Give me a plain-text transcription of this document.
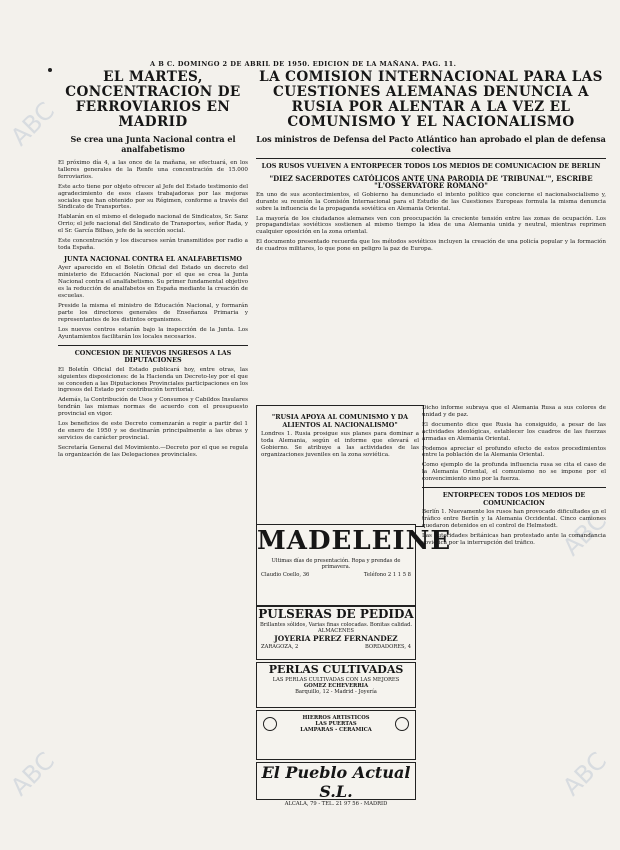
A B C. DOMINGO 2 DE ABRIL DE 1950. EDICION DE LA MAÑANA. PAG. 11.
ABC
ABC
ABC
ABC
EL MARTES, CONCENTRACION DE FERROVIARIOS EN MADRID
Se crea una Junta Nacional contra el analfabetismo

El próximo día 4, a las once de la mañana, se efectuará, en los talleres generales de la Renfe una concentración de 15.000 ferroviarios.

Este acto tiene por objeto ofrecer al Jefe del Estado testimonio del agradecimiento de esos clases trabajadoras por las mejoras sociales que han obtenido por su Régimen, conforme a través del Sindicato de Transportes.

Hablarán en el mismo el delegado nacional de Sindicatos, Sr. Sanz Orrio; el jefe nacional del Sindicato de Transportes, señor Rada, y el Sr. García Bilbao, jefe de la sección social.

Este concentración y los discursos serán transmitidos por radio a toda España.

JUNTA NACIONAL CONTRA EL ANALFABETISMO

Ayer aparecido en el Boletín Oficial del Estado un decreto del ministerio de Educación Nacional por el que se crea la Junta Nacional contra el analfabetismo. Su primer fundamental objetivo es la reducción de analfabetos en España mediante la creación de escuelas.

Preside la misma el ministro de Educación Nacional, y formarán parte los directores generales de Enseñanza Primaria y representantes de los distintos organismos.

Los nuevos centros estarán bajo la inspección de la Junta. Los Ayuntamientos facilitarán los locales necesarios.

CONCESION DE NUEVOS INGRESOS A LAS DIPUTACIONES

El Boletín Oficial del Estado publicará hoy, entre otras, las siguientes disposiciones: de la Hacienda un Decreto-ley por el que se conceden a las Diputaciones Provinciales participaciones en los ingresos del Estado por contribución territorial.

Además, la Contribución de Usos y Consumos y Cabildos Insulares tendrán las mismas normas de acuerdo con el presupuesto provincial en vigor.

Los beneficios de este Decreto comenzarán a regir a partir del 1 de enero de 1950 y se destinarán principalmente a las obras y servicios de carácter provincial.

Secretaría General del Movimiento.—Decreto por el que se regula la organización de las Delegaciones provinciales.

LA COMISION INTERNACIONAL PARA LAS CUESTIONES ALEMANAS DENUNCIA A RUSIA POR ALENTAR A LA VEZ EL COMUNISMO Y EL NACIONALISMO
Los ministros de Defensa del Pacto Atlántico han aprobado el plan de defensa colectiva
LOS RUSOS VUELVEN A ENTORPECER TODOS LOS MEDIOS DE COMUNICACION DE BERLIN
"DIEZ SACERDOTES CATÓLICOS ANTE UNA PARODIA DE 'TRIBUNAL'", ESCRIBE "L'OSSERVATORE ROMANO"

En uno de sus acontecimientos, el Gobierno ha denunciado el intento político que concierne el nacionalsocialismo y, durante su reunión la Comisión Internacional para el Estudio de las Cuestiones Europeas formula la misma denuncia sobre la influencia de la propaganda soviética en Alemania Oriental.

La mayoría de los ciudadanos alemanes ven con preocupación la creciente tensión entre las zonas de ocupación. Los propagandistas soviéticos sostienen al mismo tiempo la idea de una Alemania unida y neutral, mientras reprimen cualquier oposición en la zona oriental.

El documento presentado recuerda que los métodos soviéticos incluyen la creación de una policía popular y la formación de cuadros militares, lo que pone en peligro la paz de Europa.

"RUSIA APOYA AL COMUNISMO Y DA ALIENTOS AL NACIONALISMO"

Londres 1. Rusia prosigue sus planes para dominar a toda Alemania, según el informe que elevará el Gobierno. Se atribuye a las actividades de las organizaciones juveniles en la zona soviética.

Dicho informe subraya que el Alemania Rusa a sus colores de unidad y de paz.

El documento dice que Rusia ha consiguido, a pesar de las actividades ideológicas, establecer los cuadros de las fuerzas armadas en Alemania Oriental.

Podemos apreciar el profundo efecto de estos procedimientos entre la población de la Alemania Oriental.

Como ejemplo de la profunda influencia rusa se cita el caso de la Alemania Oriental, el comunismo no se impone por el convencimiento sino por la fuerza.

ENTORPECEN TODOS LOS MEDIOS DE COMUNICACION

Berlín 1. Nuevamente los rusos han provocado dificultades en el tráfico entre Berlín y la Alemania Occidental. Cinco camiones quedaron detenidos en el control de Helmstedt.

Las autoridades británicas han protestado ante la comandancia soviética por la interrupción del tráfico.

MADELEINE
Ultimas días de presentación. Ropa y prendas de primavera.
Claudio Coello, 36	Teléfono 2 1 1 5 8
PULSERAS DE PEDIDA
Brillantes sólidos, Varias finas colocadas. Bonitas calidad. ALMACENES
JOYERIA PEREZ FERNANDEZ
ZARAGOZA, 2	BORDADORES, 4
PERLAS CULTIVADAS
LAS PERLAS CULTIVADAS CON LAS MEJORES
GOMEZ ECHEVERRIA
Barquillo, 12 - Madrid - Joyería
HIERROS ARTISTICOS
LAS PUERTAS
LAMPARAS - CERAMICA
El Pueblo Actual S.L.
ALCALA, 79 - TEL. 21 97 56 - MADRID
